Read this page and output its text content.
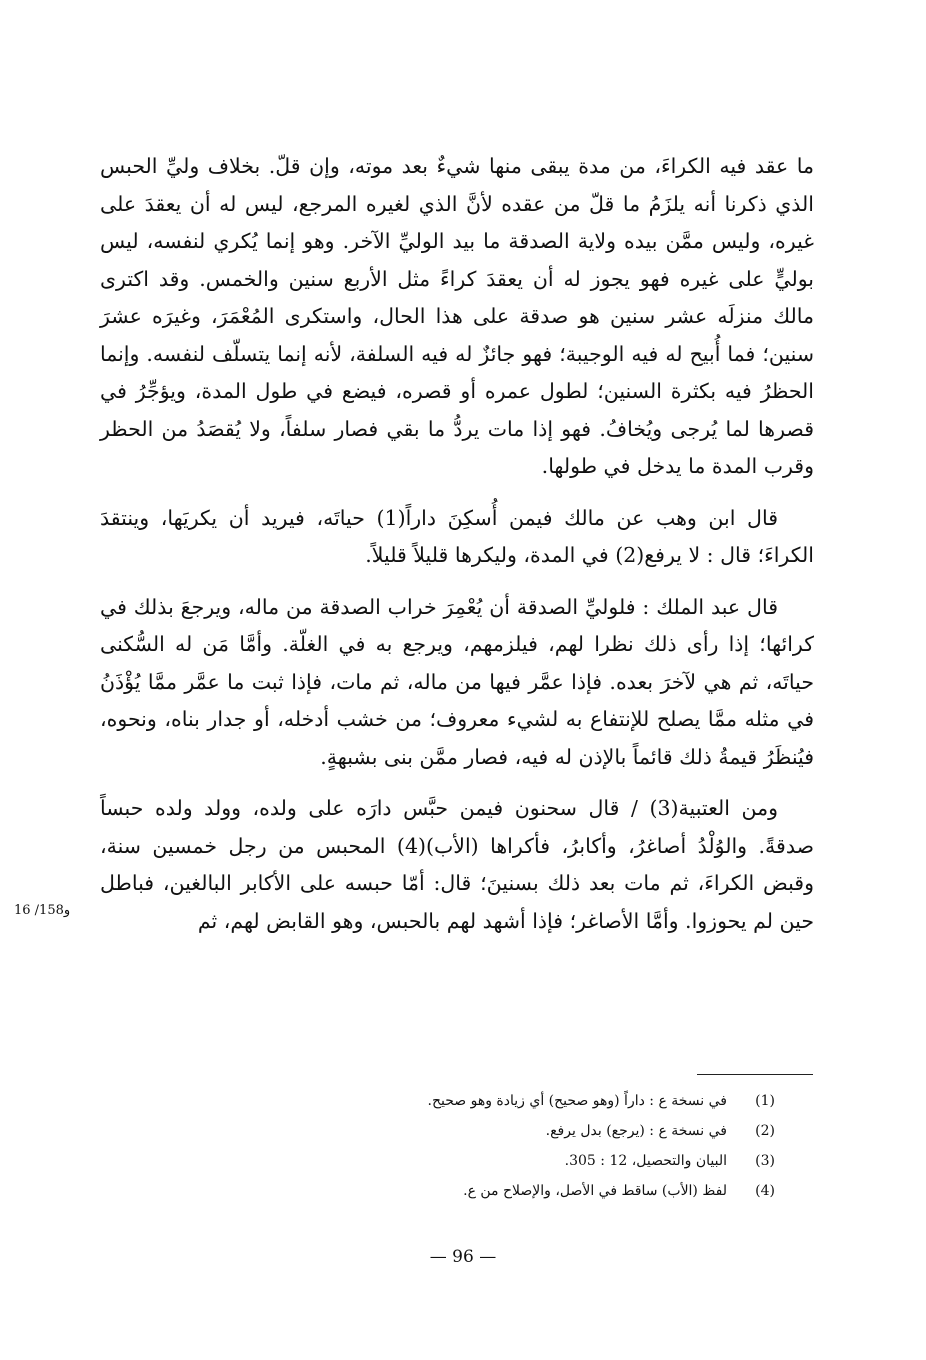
ما عقد فيه الكراءَ، من مدة يبقى منها شيءٌ بعد موته، وإن قلّ. بخلاف وليِّ الحبس الذي ذكرنا أنه يلزَمُ ما قلّ من عقده لأنَّ الذي لغيره المرجع، ليس له أن يعقدَ على غيره، وليس ممَّن بيده ولاية الصدقة ما بيد الوليِّ الآخر. وهو إنما يُكري لنفسه، ليس بوليٍّ على غيره فهو يجوز له أن يعقدَ كراءً مثل الأربع سنين والخمس. وقد اكترى مالك منزلَه عشر سنين هو صدقة على هذا الحال، واستكرى المُعْمَرَ، وغيرَه عشرَ سنين؛ فما أُبيح له فيه الوجيبة؛ فهو جائزٌ له فيه السلفة، لأنه إنما يتسلّف لنفسه. وإنما الحظرُ فيه بكثرة السنين؛ لطول عمره أو قصره، فيضع في طول المدة، ويؤجِّرُ في قصرها لما يُرجى ويُخافُ. فهو إذا مات يردُّ ما بقي فصار سلفاً، ولا يُقصَدُ من الحظر وقرب المدة ما يدخل في طولها.

قال ابن وهب عن مالك فيمن أُسكِنَ داراً(1) حياتَه، فيريد أن يكريَها، وينتقدَ الكراءَ؛ قال : لا يرفع(2) في المدة، وليكرها قليلاً قليلاً.

قال عبد الملك : فلوليِّ الصدقة أن يُعْمِرَ خراب الصدقة من ماله، ويرجعَ بذلك في كرائها؛ إذا رأى ذلك نظرا لهم، فيلزمهم، ويرجع به في الغلّة. وأمَّا مَن له السُّكنى حياتَه، ثم هي لآخرَ بعده. فإذا عمَّر فيها من ماله، ثم مات، فإذا ثبت ما عمَّر ممَّا يُؤْذَنُ في مثله ممَّا يصلح للإنتفاع به لشيء معروف؛ من خشب أدخله، أو جدار بناه، ونحوه، فيُنظَرُ قيمةُ ذلك قائماً بالإذن له فيه، فصار ممَّن بنى بشبهةٍ.

ومن العتبية(3) / قال سحنون فيمن حبَّس دارَه على ولده، وولد ولده حبساً صدقةً. والوُلْدُ أصاغرُ، وأكابرُ، فأكراها (الأب)(4) المحبس من رجل خمسين سنة، وقبض الكراءَ، ثم مات بعد ذلك بسنينَ؛ قال: أمّا حبسه على الأكابر البالغين، فباطل حين لم يحوزوا. وأمَّا الأصاغر؛ فإذا أشهد لهم بالحبس، وهو القابض لهم، ثم

16 /158و
(1)
في نسخة ع : داراً (وهو صحيح) أي زيادة وهو صحيح.
(2)
في نسخة ع : (يرجع) بدل يرفع.
(3)
البيان والتحصيل، 12 : 305.
(4)
لفظ (الأب) ساقط في الأصل، والإصلاح من ع.
— 96 —
